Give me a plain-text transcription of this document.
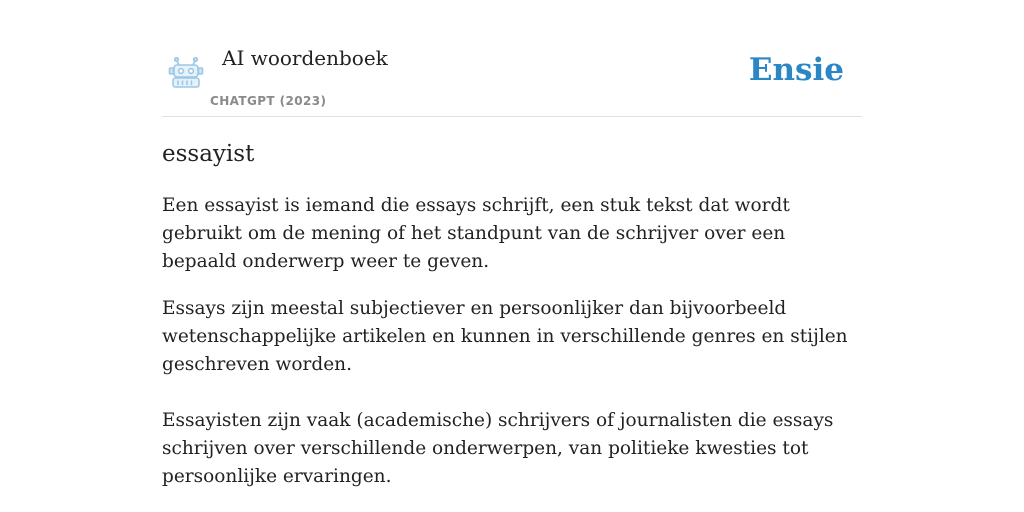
AI woordenboek
CHATGPT (2023)
Ensie
essayist

Een essayist is iemand die essays schrijft, een stuk tekst dat wordt gebruikt om de mening of het standpunt van de schrijver over een bepaald onderwerp weer te geven.

Essays zijn meestal subjectiever en persoonlijker dan bijvoorbeeld wetenschappelijke artikelen en kunnen in verschillende genres en stijlen geschreven worden.

Essayisten zijn vaak (academische) schrijvers of journalisten die essays schrijven over verschillende onderwerpen, van politieke kwesties tot persoonlijke ervaringen.
